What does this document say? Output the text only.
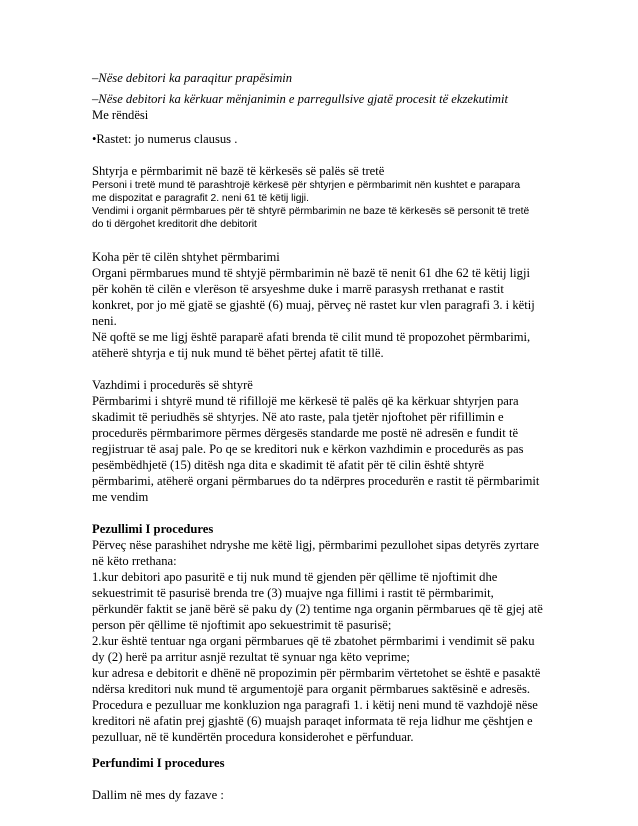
–Nëse debitori ka paraqitur prapësimin

–Nëse debitori ka kërkuar mënjanimin e parregullsive gjatë procesit të ekzekutimit

Me rëndësi

•Rastet: jo numerus clausus .

Shtyrja e përmbarimit në bazë të kërkesës së palës së tretë

Personi i tretë mund të parashtrojë kërkesë për shtyrjen e përmbarimit nën kushtet e parapara

me dispozitat e paragrafit 2. neni 61 të këtij ligji.

Vendimi i organit përmbarues për të shtyrë përmbarimin ne baze të kërkesës së personit të tretë

do ti dërgohet kreditorit dhe debitorit

Koha për të cilën shtyhet përmbarimi

Organi përmbarues mund të shtyjë përmbarimin në bazë të nenit 61 dhe 62 të këtij ligji

për kohën të cilën e vlerëson të arsyeshme duke i marrë parasysh rrethanat e rastit

konkret, por jo më gjatë se gjashtë (6) muaj, përveç në rastet kur vlen paragrafi 3. i këtij

neni.

Në qoftë se me ligj është paraparë afati brenda të cilit mund të propozohet përmbarimi,

atëherë shtyrja e tij nuk mund të bëhet përtej afatit të tillë.

Vazhdimi i procedurës së shtyrë

Përmbarimi i shtyrë mund të rifillojë me kërkesë të palës që ka kërkuar shtyrjen para

skadimit të periudhës së shtyrjes. Në ato raste, pala tjetër njoftohet për rifillimin e

procedurës përmbarimore përmes dërgesës standarde me postë në adresën e fundit të

regjistruar të asaj pale. Po qe se kreditori nuk e kërkon vazhdimin e procedurës as pas

pesëmbëdhjetë (15) ditësh nga dita e skadimit të afatit për të cilin është shtyrë

përmbarimi, atëherë organi përmbarues do ta ndërpres procedurën e rastit të përmbarimit

me vendim

Pezullimi I procedures

Përveç nëse parashihet ndryshe me këtë ligj, përmbarimi pezullohet sipas detyrës zyrtare

në këto rrethana:

1.kur debitori apo pasuritë e tij nuk mund të gjenden për qëllime të njoftimit dhe

sekuestrimit të pasurisë brenda tre (3) muajve nga fillimi i rastit të përmbarimit,

përkundër faktit se janë bërë së paku dy (2) tentime nga organin përmbarues që të gjej atë

person për qëllime të njoftimit apo sekuestrimit të pasurisë;

2.kur është tentuar nga organi përmbarues që të zbatohet përmbarimi i vendimit së paku

dy (2) herë pa arritur asnjë rezultat të synuar nga këto veprime;

kur adresa e debitorit e dhënë në propozimin për përmbarim vërtetohet se është e pasaktë

ndërsa kreditori nuk mund të argumentojë para organit përmbarues saktësinë e adresës.

Procedura e pezulluar me konkluzion nga paragrafi 1. i këtij neni mund të vazhdojë nëse

kreditori në afatin prej gjashtë (6) muajsh paraqet informata të reja lidhur me çështjen e

pezulluar, në të kundërtën procedura konsiderohet e përfunduar.

Perfundimi I procedures

Dallim në mes dy fazave :
